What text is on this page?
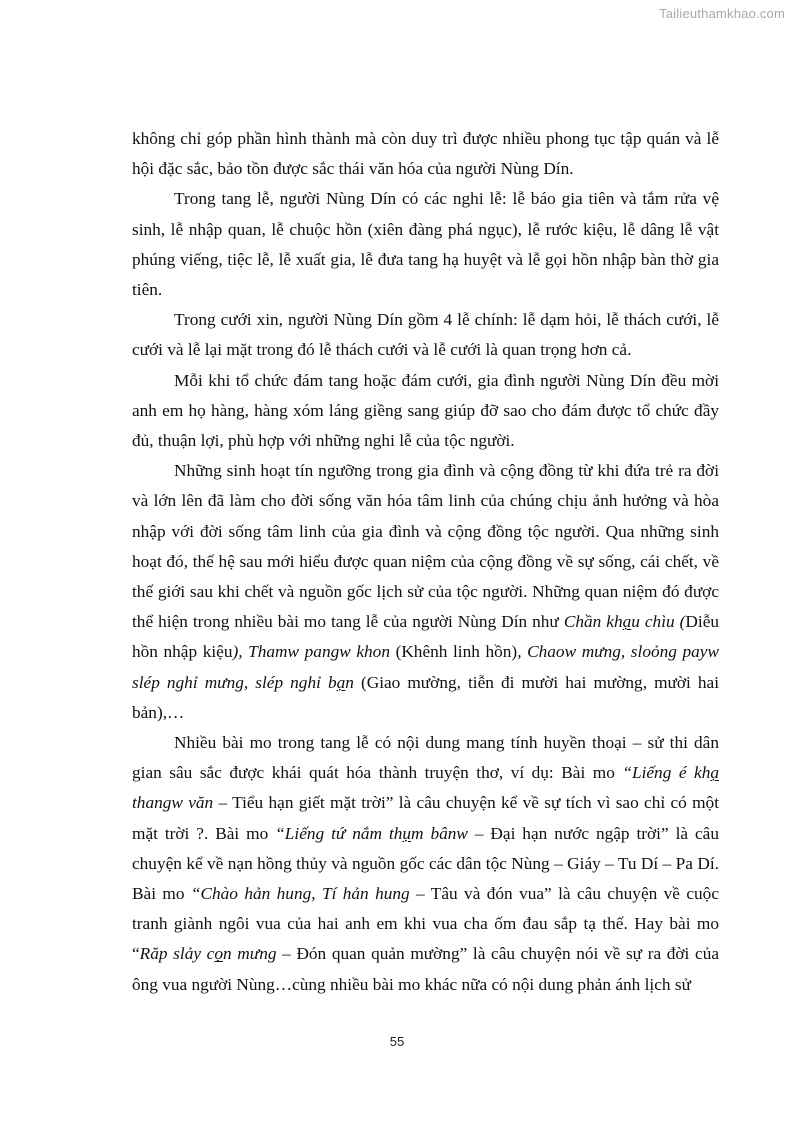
Tailieuthamkhao.com

không chỉ góp phần hình thành mà còn duy trì được nhiều phong tục tập quán và lễ hội đặc sắc, bảo tồn được sắc thái văn hóa của người Nùng Dín.

Trong tang lễ, người Nùng Dín có các nghi lễ: lễ báo gia tiên và tắm rửa vệ sinh, lễ nhập quan, lễ chuộc hồn (xiên đàng phá ngục), lễ rước kiệu, lễ dâng lễ vật phúng viếng, tiệc lễ, lễ xuất gia, lễ đưa tang hạ huyệt và lễ gọi hồn nhập bàn thờ gia tiên.

Trong cưới xin, người Nùng Dín gồm 4 lễ chính: lễ dạm hỏi, lễ thách cưới, lễ cưới và lễ lại mặt trong đó lễ thách cưới và lễ cưới là quan trọng hơn cả.

Mỗi khi tổ chức đám tang hoặc đám cưới, gia đình người Nùng Dín đều mời anh em họ hàng, hàng xóm láng giềng sang giúp đỡ sao cho đám được tổ chức đầy đủ, thuận lợi, phù hợp với những nghi lễ của tộc người.

Những sinh hoạt tín ngưỡng trong gia đình và cộng đồng từ khi đứa trẻ ra đời và lớn lên đã làm cho đời sống văn hóa tâm linh của chúng chịu ảnh hưởng và hòa nhập với đời sống tâm linh của gia đình và cộng đồng tộc người. Qua những sinh hoạt đó, thế hệ sau mới hiểu được quan niệm của cộng đồng về sự sống, cái chết, về thế giới sau khi chết và nguồn gốc lịch sử của tộc người. Những quan niệm đó được thể hiện trong nhiều bài mo tang lễ của người Nùng Dín như Chần khạu chìu (Diễu hồn nhập kiệu), Thamw pangw khon (Khênh linh hồn), Chaow mưng, sloỏng payw slép nghỉ mưng, slép nghỉ bạn (Giao mường, tiễn đi mười hai mường, mười hai bản),…

Nhiều bài mo trong tang lễ có nội dung mang tính huyền thoại – sử thi dân gian sâu sắc được khái quát hóa thành truyện thơ, ví dụ: Bài mo “Liếng é khạ thangw văn – Tiểu hạn giết mặt trời” là câu chuyện kể về sự tích vì sao chỉ có một mặt trời ?. Bài mo “Liếng tứ nắm thụm bânw – Đại hạn nước ngập trời” là câu chuyện kể về nạn hồng thủy và nguồn gốc các dân tộc Nùng – Giáy – Tu Dí – Pa Dí. Bài mo “Chào hản hung, Tí hản hung – Tâu và đón vua” là câu chuyện về cuộc tranh giành ngôi vua của hai anh em khi vua cha ốm đau sắp tạ thế. Hay bài mo “Răp slảy cọn mưng – Đón quan quản mường” là câu chuyện nói về sự ra đời của ông vua người Nùng…cùng nhiều bài mo khác nữa có nội dung phản ánh lịch sử

55
